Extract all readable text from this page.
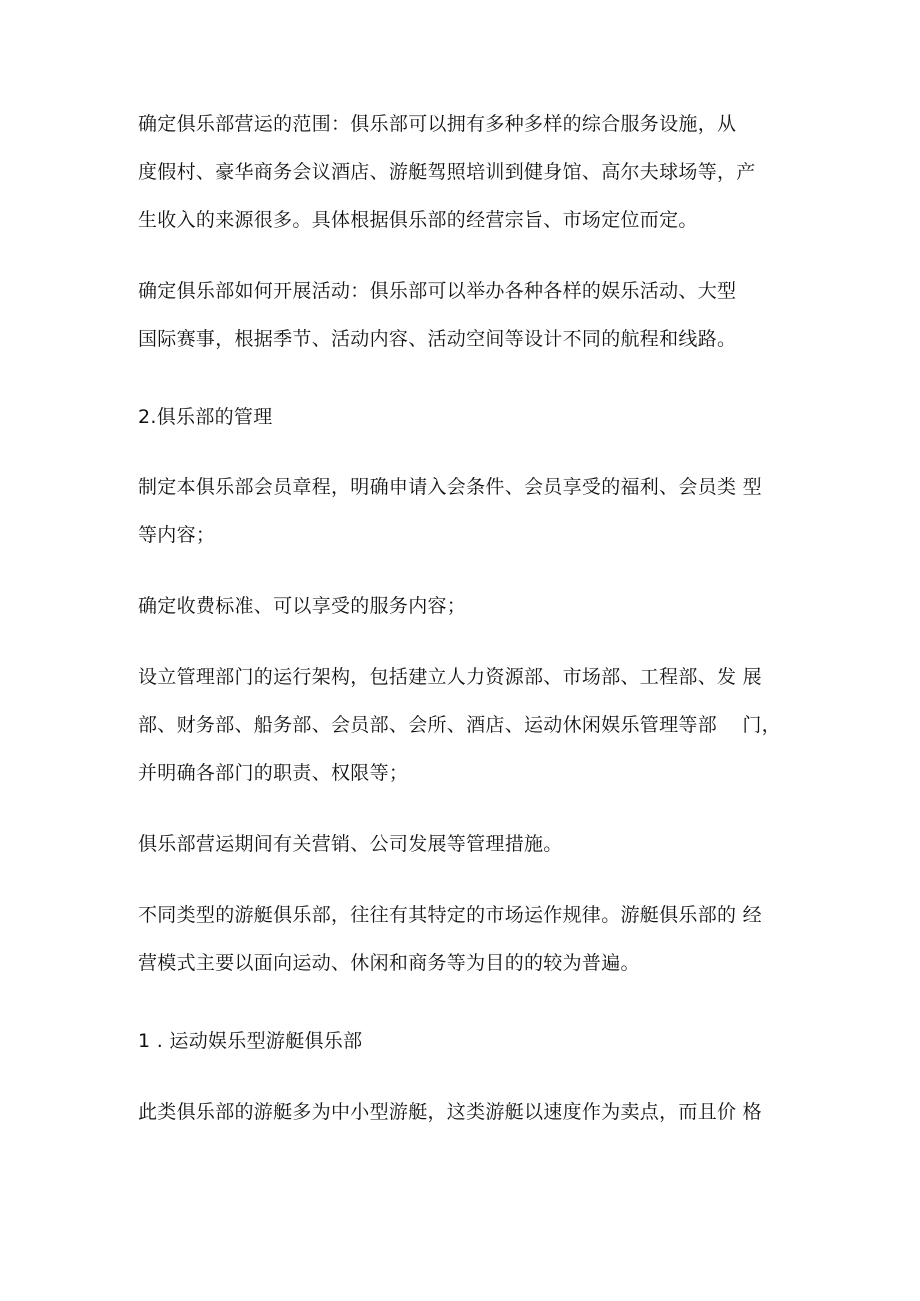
确定俱乐部营运的范围：俱乐部可以拥有多种多样的综合服务设施，从
度假村、豪华商务会议酒店、游艇驾照培训到健身馆、高尔夫球场等，产
生收入的来源很多。具体根据俱乐部的经营宗旨、市场定位而定。
确定俱乐部如何开展活动：俱乐部可以举办各种各样的娱乐活动、大型
国际赛事，根据季节、活动内容、活动空间等设计不同的航程和线路。
2.俱乐部的管理
制定本俱乐部会员章程，明确申请入会条件、会员享受的福利、会员类 型
等内容；
确定收费标准、可以享受的服务内容；
设立管理部门的运行架构，包括建立人力资源部、市场部、工程部、发 展
部、财务部、船务部、会员部、会所、酒店、运动休闲娱乐管理等部    门，
并明确各部门的职责、权限等；
俱乐部营运期间有关营销、公司发展等管理措施。
不同类型的游艇俱乐部，往往有其特定的市场运作规律。游艇俱乐部的 经
营模式主要以面向运动、休闲和商务等为目的的较为普遍。
1 . 运动娱乐型游艇俱乐部
此类俱乐部的游艇多为中小型游艇，这类游艇以速度作为卖点，而且价 格
